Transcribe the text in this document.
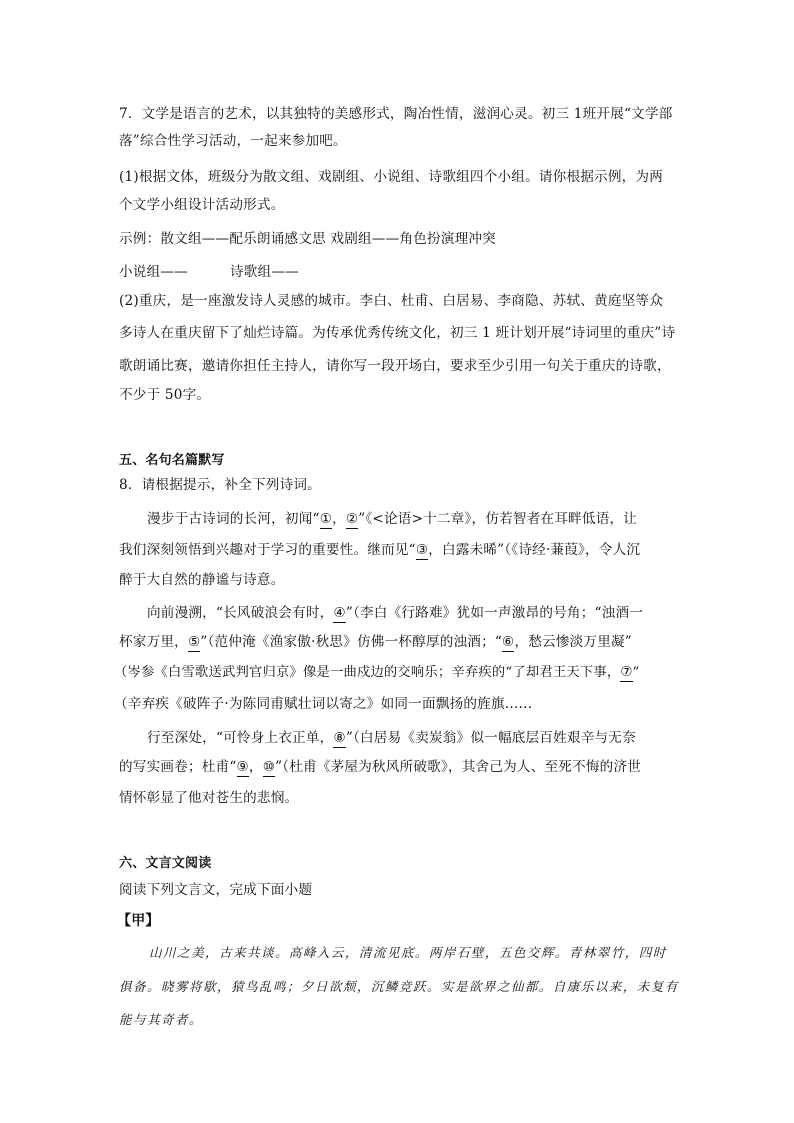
7．文学是语言的艺术，以其独特的美感形式，陶冶性情，滋润心灵。初三 1班开展“文学部
落”综合性学习活动，一起来参加吧。
(1)根据文体，班级分为散文组、戏剧组、小说组、诗歌组四个小组。请你根据示例，为两
个文学小组设计活动形式。
示例：散文组——配乐朗诵感文思 戏剧组——角色扮演理冲突
小说组——	诗歌组——
(2)重庆，是一座激发诗人灵感的城市。李白、杜甫、白居易、李商隐、苏轼、黄庭坚等众
多诗人在重庆留下了灿烂诗篇。为传承优秀传统文化，初三 1 班计划开展“诗词里的重庆”诗
歌朗诵比赛，邀请你担任主持人，请你写一段开场白，要求至少引用一句关于重庆的诗歌，
不少于 50字。
五、名句名篇默写
8．请根据提示，补全下列诗词。
漫步于古诗词的长河，初闻“①，②”《<论语>十二章》，仿若智者在耳畔低语，让
我们深刻领悟到兴趣对于学习的重要性。继而见“③，白露未晞”（《诗经·蒹葭》，令人沉
醉于大自然的静谧与诗意。
向前漫溯，“长风破浪会有时，④”（李白《行路难》犹如一声激昂的号角；“浊酒一
杯家万里，⑤”（范仲淹《渔家傲·秋思》仿佛一杯醇厚的浊酒；“⑥，愁云惨淡万里凝”
（岑参《白雪歌送武判官归京》像是一曲戍边的交响乐；辛弃疾的“了却君王天下事，⑦”
（辛弃疾《破阵子·为陈同甫赋壮词以寄之》如同一面飘扬的旌旗……
行至深处，“可怜身上衣正单，⑧”（白居易《卖炭翁》似一幅底层百姓艰辛与无奈
的写实画卷；杜甫“⑨，⑩”（杜甫《茅屋为秋风所破歌》，其舍己为人、至死不悔的济世
情怀彰显了他对苍生的悲悯。
六、文言文阅读
阅读下列文言文，完成下面小题
【甲】
山川之美，古来共谈。高峰入云，清流见底。两岸石壁，五色交辉。青林翠竹，四时
俱备。晓雾将歇，猿鸟乱鸣；夕日欲颓，沉鳞竞跃。实是欲界之仙都。自康乐以来，未复有
能与其奇者。
